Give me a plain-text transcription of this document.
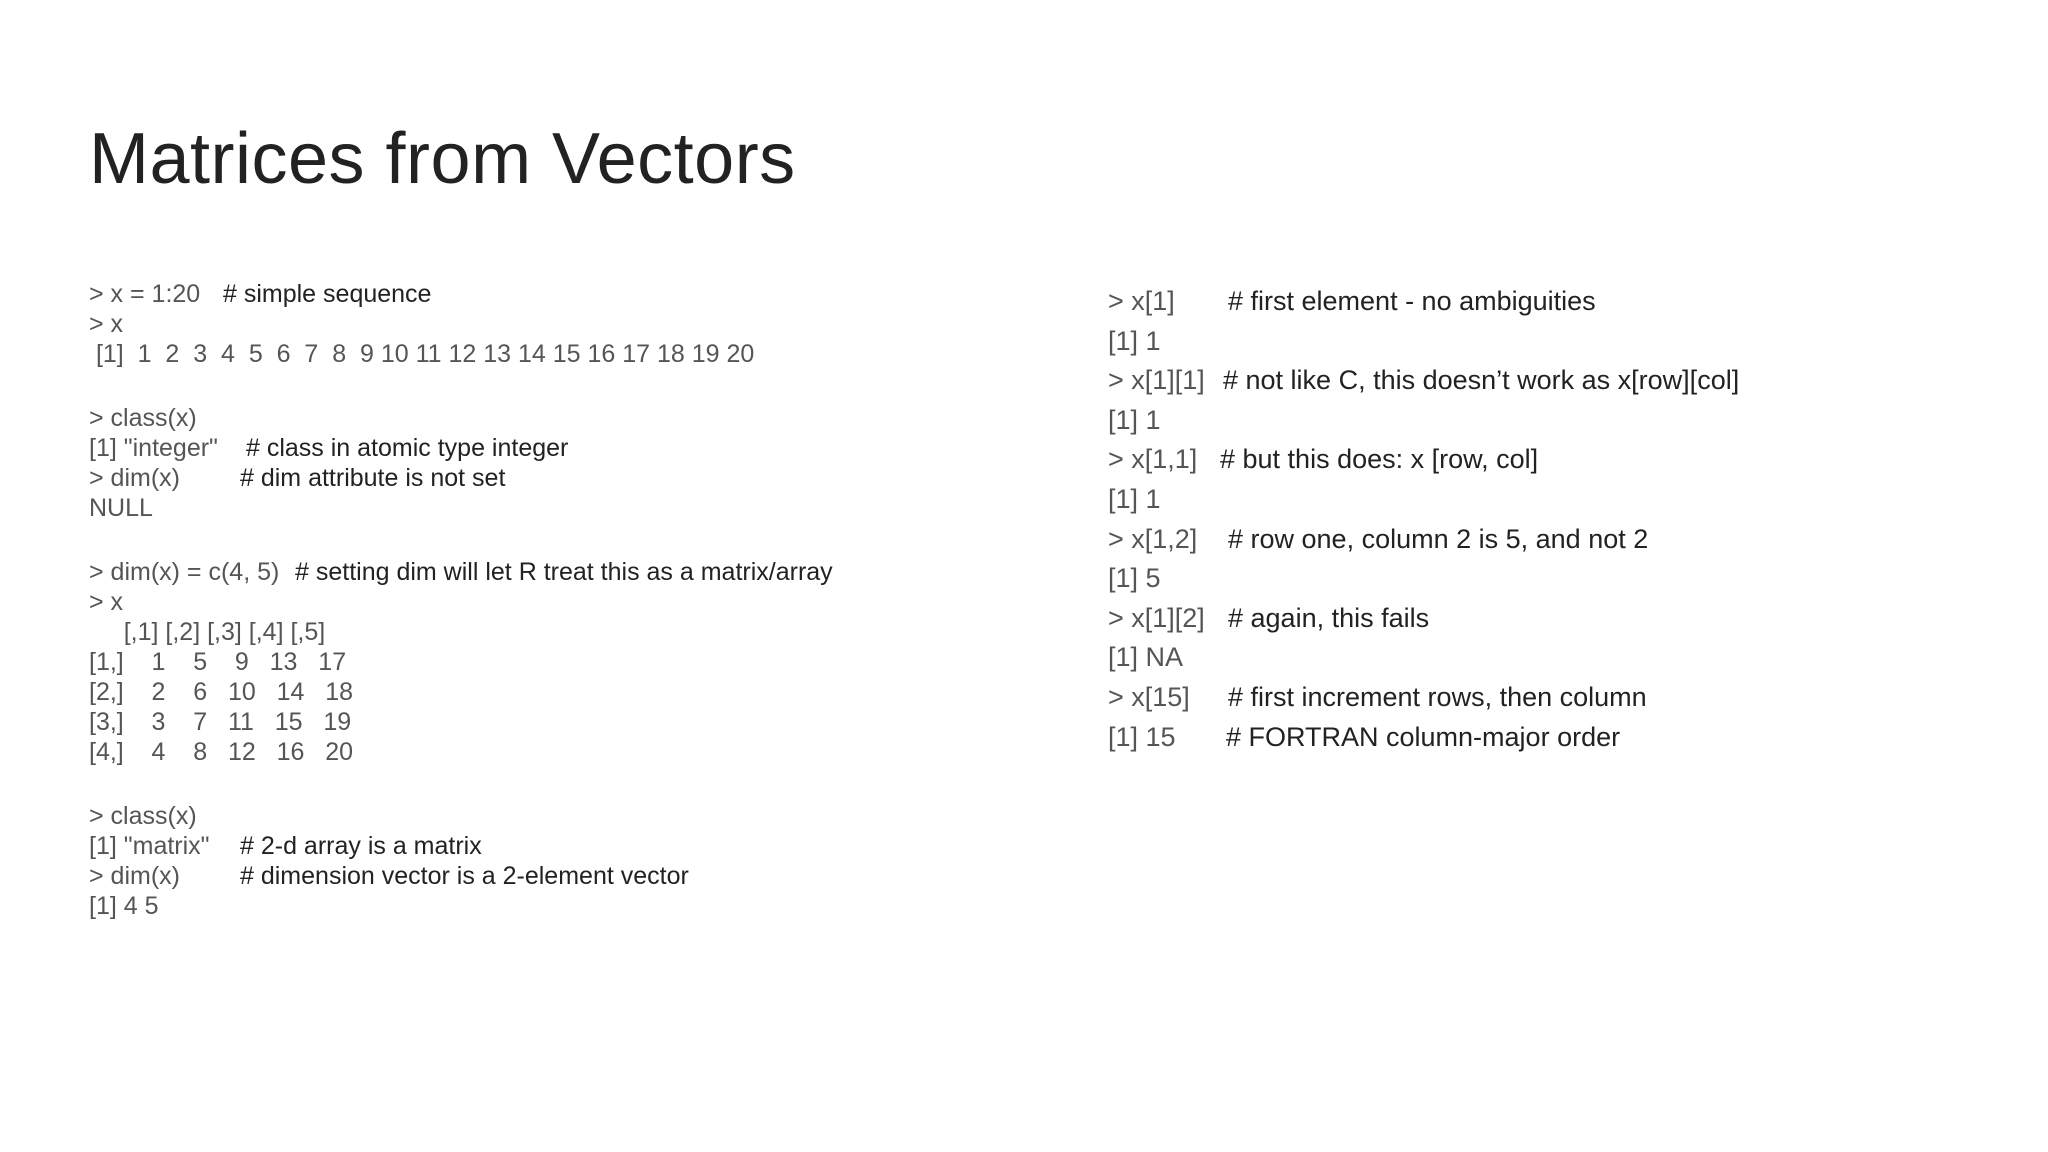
Matrices from Vectors
> x = 1:20 # simple sequence
> x
[1]  1  2  3  4  5  6  7  8  9 10 11 12 13 14 15 16 17 18 19 20
> class(x)
[1] "integer"	# class in atomic type integer
> dim(x)	# dim attribute is not set
NULL
> dim(x) = c(4, 5) # setting dim will let R treat this as a matrix/array
> x
[,1] [,2] [,3] [,4] [,5]
[1,]    1    5    9   13   17
[2,]    2    6   10   14   18
[3,]    3    7   11   15   19
[4,]    4    8   12   16   20
> class(x)
[1] "matrix"	# 2-d array is a matrix
> dim(x)	# dimension vector is a 2-element vector
[1] 4 5
> x[1]	# first element - no ambiguities
[1] 1
> x[1][1] # not like C, this doesn’t work as x[row][col]
[1] 1
> x[1,1] # but this does: x [row, col]
[1] 1
> x[1,2]	# row one, column 2 is 5, and not 2
[1] 5
> x[1][2] # again, this fails
[1] NA
> x[15]	# first increment rows, then column
[1] 15	# FORTRAN column-major order
